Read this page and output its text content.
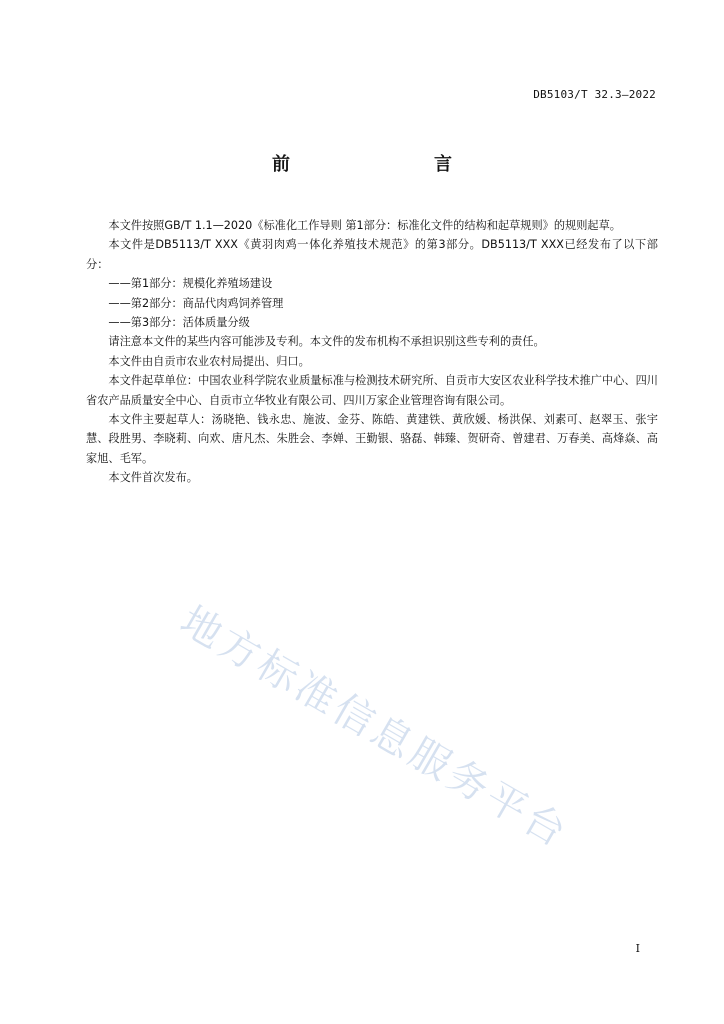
DB5103/T 32.3—2022
前　　言

本文件按照GB/T 1.1—2020《标准化工作导则 第1部分：标准化文件的结构和起草规则》的规则起草。

本文件是DB5113/T XXX《黄羽肉鸡一体化养殖技术规范》的第3部分。DB5113/T XXX已经发布了以下部分：

——第1部分：规模化养殖场建设

——第2部分：商品代肉鸡饲养管理

——第3部分：活体质量分级

请注意本文件的某些内容可能涉及专利。本文件的发布机构不承担识别这些专利的责任。

本文件由自贡市农业农村局提出、归口。

本文件起草单位：中国农业科学院农业质量标准与检测技术研究所、自贡市大安区农业科学技术推广中心、四川省农产品质量安全中心、自贡市立华牧业有限公司、四川万家企业管理咨询有限公司。

本文件主要起草人：汤晓艳、钱永忠、施波、金芬、陈皓、黄建铁、黄欣媛、杨洪保、刘素可、赵翠玉、张宇慧、段胜男、李晓莉、向欢、唐凡杰、朱胜会、李婵、王勤银、骆磊、韩臻、贺研奇、曾建君、万春美、高烽焱、高家旭、毛军。

本文件首次发布。

地方标准信息服务平台
I
